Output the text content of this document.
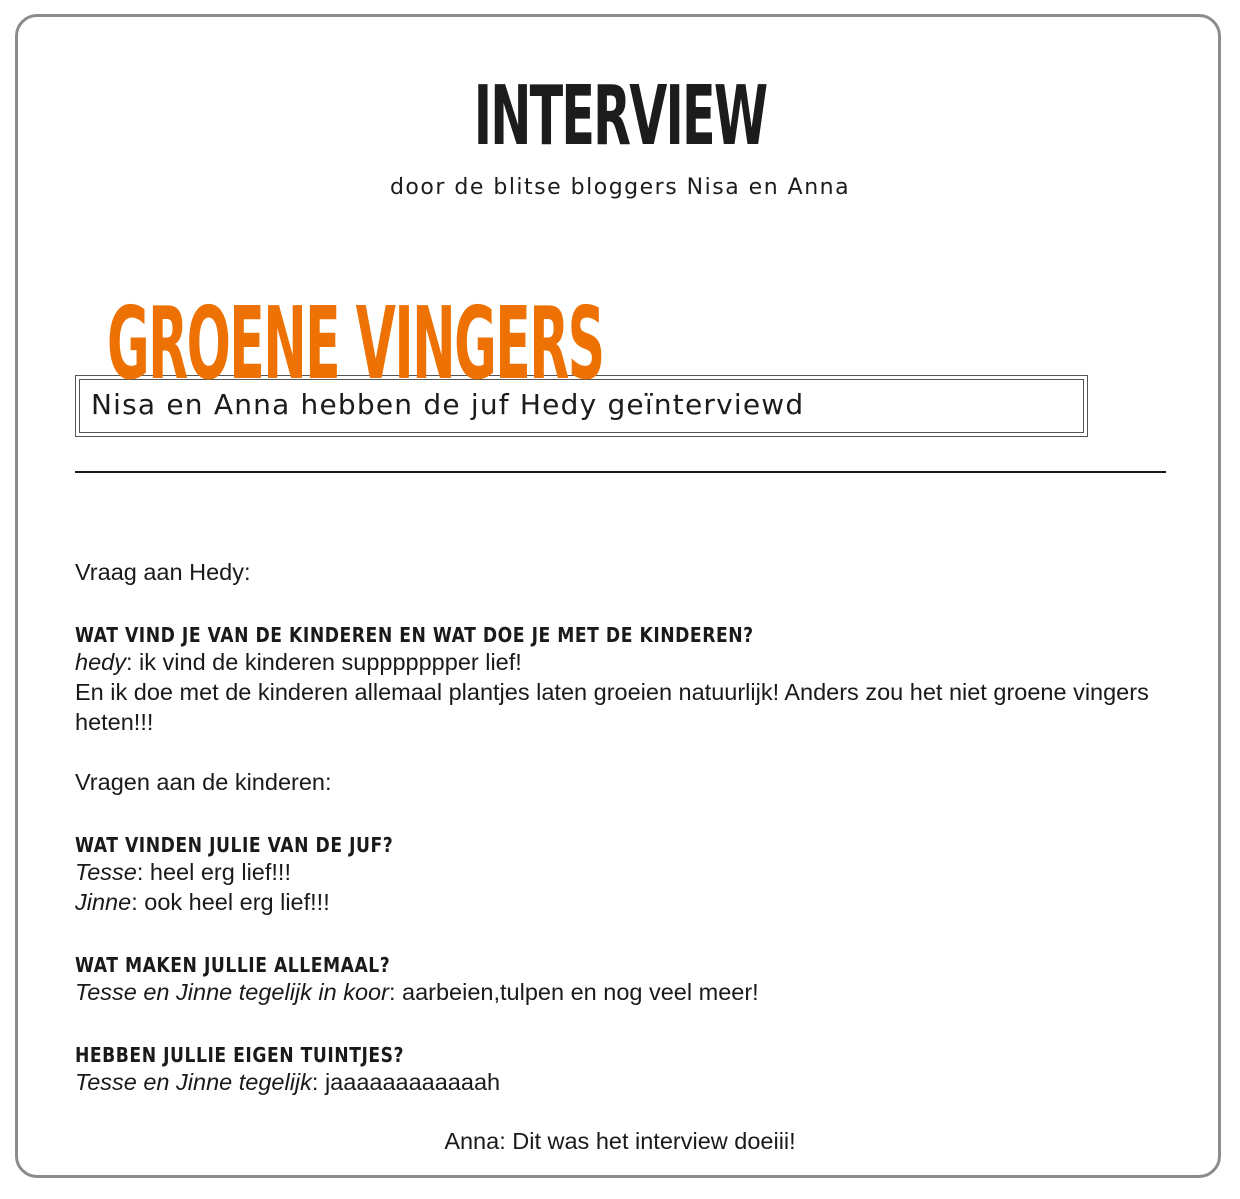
INTERVIEW
door de blitse bloggers Nisa en Anna
GROENE VINGERS
Nisa en Anna hebben de juf Hedy geïnterviewd

Vraag aan Hedy:

WAT VIND JE VAN DE KINDEREN EN WAT DOE JE MET DE KINDEREN?

hedy: ik vind de kinderen suppppppper lief!

En ik doe met de kinderen allemaal plantjes laten groeien natuurlijk! Anders zou het niet groene vingers heten!!!

Vragen aan de kinderen:

WAT VINDEN JULIE VAN DE JUF?

Tesse: heel erg lief!!!

Jinne: ook heel erg lief!!!

WAT MAKEN JULLIE ALLEMAAL?

Tesse en Jinne tegelijk in koor: aarbeien,tulpen en nog veel meer!

HEBBEN JULLIE EIGEN TUINTJES?

Tesse en Jinne tegelijk: jaaaaaaaaaaaah

Anna: Dit was het interview doeiii!
